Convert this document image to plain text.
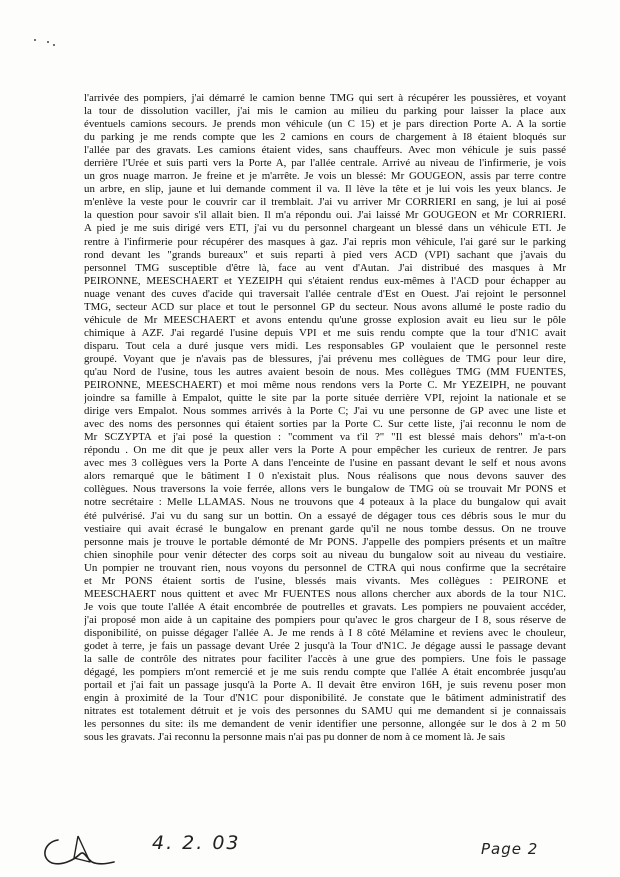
l'arrivée des pompiers, j'ai démarré le camion benne TMG qui sert à récupérer les poussières, et voyant
la tour de dissolution vaciller, j'ai mis le camion au milieu du parking pour laisser la place aux
éventuels camions secours. Je prends mon véhicule (un C 15) et je pars direction Porte A. A la sortie
du parking je me rends compte que les 2 camions en cours de chargement à I8 étaient bloqués sur
l'allée par des gravats. Les camions étaient vides, sans chauffeurs. Avec mon véhicule je suis passé
derrière l'Urée et suis parti vers la Porte A, par l'allée centrale. Arrivé au niveau de l'infirmerie, je vois
un gros nuage marron. Je freine et je m'arrête. Je vois un blessé: Mr GOUGEON, assis par terre contre
un arbre, en slip, jaune et lui demande comment il va. Il lève la tête et je lui vois les yeux blancs. Je
m'enlève la veste pour le couvrir car il tremblait. J'ai vu arriver Mr CORRIERI en sang, je lui ai posé
la question pour savoir s'il allait bien. Il m'a répondu oui. J'ai laissé Mr GOUGEON et Mr CORRIERI.
A pied je me suis dirigé vers ETI, j'ai vu du personnel chargeant un blessé dans un véhicule ETI. Je
rentre à l'infirmerie pour récupérer des masques à gaz. J'ai repris mon véhicule, l'ai garé sur le parking
rond devant les "grands bureaux" et suis reparti à pied vers ACD (VPI) sachant que j'avais du
personnel TMG susceptible d'être là, face au vent d'Autan. J'ai distribué des masques à Mr
PEIRONNE, MEESCHAERT et YEZEIPH qui s'étaient rendus eux-mêmes à l'ACD pour échapper au
nuage venant des cuves d'acide qui traversait l'allée centrale d'Est en Ouest. J'ai rejoint le personnel
TMG, secteur ACD sur place et tout le personnel GP du secteur. Nous avons allumé le poste radio du
véhicule de Mr MEESCHAERT et avons entendu qu'une grosse explosion avait eu lieu sur le pôle
chimique à AZF. J'ai regardé l'usine depuis VPI et me suis rendu compte que la tour d'N1C avait
disparu. Tout cela a duré jusque vers midi. Les responsables GP voulaient que le personnel reste
groupé. Voyant que je n'avais pas de blessures, j'ai prévenu mes collègues de TMG pour leur dire,
qu'au Nord de l'usine, tous les autres avaient besoin de nous. Mes collègues TMG (MM FUENTES,
PEIRONNE, MEESCHAERT) et moi même nous rendons vers la Porte C. Mr YEZEIPH, ne pouvant
joindre sa famille à Empalot, quitte le site par la porte située derrière VPI, rejoint la nationale et se
dirige vers Empalot. Nous sommes arrivés à la Porte C; J'ai vu une personne de GP avec une liste et
avec des noms des personnes qui étaient sorties par la Porte C. Sur cette liste, j'ai reconnu le nom de
Mr SCZYPTA et j'ai posé la question : "comment va t'il ?" "Il est blessé mais dehors" m'a-t-on
répondu . On me dit que je peux aller vers la Porte A pour empêcher les curieux de rentrer. Je pars
avec mes 3 collègues vers la Porte A dans l'enceinte de l'usine en passant devant le self et nous avons
alors remarqué que le bâtiment I 0 n'existait plus. Nous réalisons que nous devons sauver des
collègues. Nous traversons la voie ferrée, allons vers le bungalow de TMG où se trouvait Mr PONS et
notre secrétaire : Melle LLAMAS. Nous ne trouvons que 4 poteaux à la place du bungalow qui avait
été pulvérisé. J'ai vu du sang sur un bottin. On a essayé de dégager tous ces débris sous le mur du
vestiaire qui avait écrasé le bungalow en prenant garde qu'il ne nous tombe dessus. On ne trouve
personne mais je trouve le portable démonté de Mr PONS. J'appelle des pompiers présents et un maître
chien sinophile pour venir détecter des corps soit au niveau du bungalow soit au niveau du vestiaire.
Un pompier ne trouvant rien, nous voyons du personnel de CTRA qui nous confirme que la secrétaire
et Mr PONS étaient sortis de l'usine, blessés mais vivants. Mes collègues : PEIRONE et
MEESCHAERT nous quittent et avec Mr FUENTES nous allons chercher aux abords de la tour N1C.
Je vois que toute l'allée A était encombrée de poutrelles et gravats. Les pompiers ne pouvaient accéder,
j'ai proposé mon aide à un capitaine des pompiers pour qu'avec le gros chargeur de I 8, sous réserve de
disponibilité, on puisse dégager l'allée A. Je me rends à I 8 côté Mélamine et reviens avec le chouleur,
godet à terre, je fais un passage devant Urée 2 jusqu'à la Tour d'N1C. Je dégage aussi le passage devant
la salle de contrôle des nitrates pour faciliter l'accès à une grue des pompiers. Une fois le passage
dégagé, les pompiers m'ont remercié et je me suis rendu compte que l'allée A était encombrée jusqu'au
portail et j'ai fait un passage jusqu'à la Porte A. Il devait être environ 16H, je suis revenu poser mon
engin à proximité de la Tour d'N1C pour disponibilité. Je constate que le bâtiment administratif des
nitrates est totalement détruit et je vois des personnes du SAMU qui me demandent si je connaissais
les personnes du site: ils me demandent de venir identifier une personne, allongée sur le dos à 2 m 50
sous les gravats. J'ai reconnu la personne mais n'ai pas pu donner de nom à ce moment là. Je sais
4. 2. 03	Page 2
